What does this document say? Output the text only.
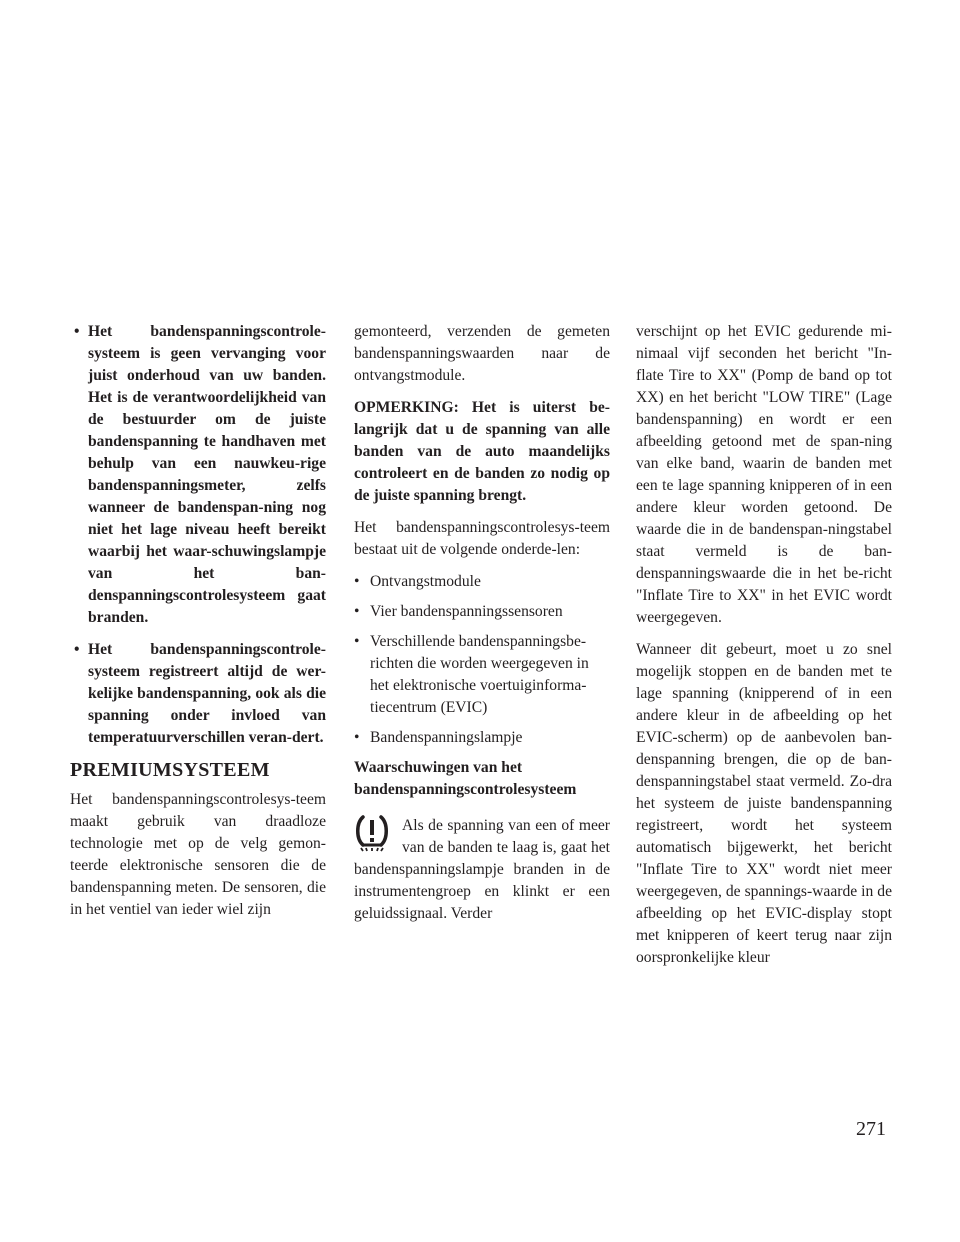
• Het bandenspanningscontrole-systeem is geen vervanging voor juist onderhoud van uw banden. Het is de verantwoordelijkheid van de bestuurder om de juiste bandenspanning te handhaven met behulp van een nauwkeu-rige bandenspanningsmeter, zelfs wanneer de bandenspan-ning nog niet het lage niveau heeft bereikt waarbij het waar-schuwingslampje van het ban-denspanningscontrolesysteem gaat branden.

• Het bandenspanningscontrole-systeem registreert altijd de wer-kelijke bandenspanning, ook als die spanning onder invloed van temperatuurverschillen veran-dert.

PREMIUMSYSTEEM

Het bandenspanningscontrolesys-teem maakt gebruik van draadloze technologie met op de velg gemon-teerde elektronische sensoren die de bandenspanning meten. De sensoren, die in het ventiel van ieder wiel zijn

gemonteerd, verzenden de gemeten bandenspanningswaarden naar de ontvangstmodule.

OPMERKING: Het is uiterst be-langrijk dat u de spanning van alle banden van de auto maandelijks controleert en de banden zo nodig op de juiste spanning brengt.

Het bandenspanningscontrolesys-teem bestaat uit de volgende onderde-len:

• Ontvangstmodule

• Vier bandenspanningssensoren

• Verschillende bandenspanningsbe-richten die worden weergegeven in het elektronische voertuiginforma-tiecentrum (EVIC)

• Bandenspanningslampje

Waarschuwingen van het bandenspanningscontrolesysteem

Als de spanning van een of meer van de banden te laag is, gaat het bandenspanningslampje branden in de instrumentengroep en klinkt er een geluidssignaal. Verder

verschijnt op het EVIC gedurende mi-nimaal vijf seconden het bericht "In-flate Tire to XX" (Pomp de band op tot XX) en het bericht "LOW TIRE" (Lage bandenspanning) en wordt er een afbeelding getoond met de span-ning van elke band, waarin de banden met een te lage spanning knipperen of in een andere kleur worden getoond. De waarde die in de bandenspan-ningstabel staat vermeld is de ban-denspanningswaarde die in het be-richt "Inflate Tire to XX" in het EVIC wordt weergegeven.

Wanneer dit gebeurt, moet u zo snel mogelijk stoppen en de banden met te lage spanning (knipperend of in een andere kleur in de afbeelding op het EVIC-scherm) op de aanbevolen ban-denspanning brengen, die op de ban-denspanningstabel staat vermeld. Zo-dra het systeem de juiste bandenspanning registreert, wordt het systeem automatisch bijgewerkt, het bericht "Inflate Tire to XX" wordt niet meer weergegeven, de spannings-waarde in de afbeelding op het EVIC-display stopt met knipperen of keert terug naar zijn oorspronkelijke kleur

271
